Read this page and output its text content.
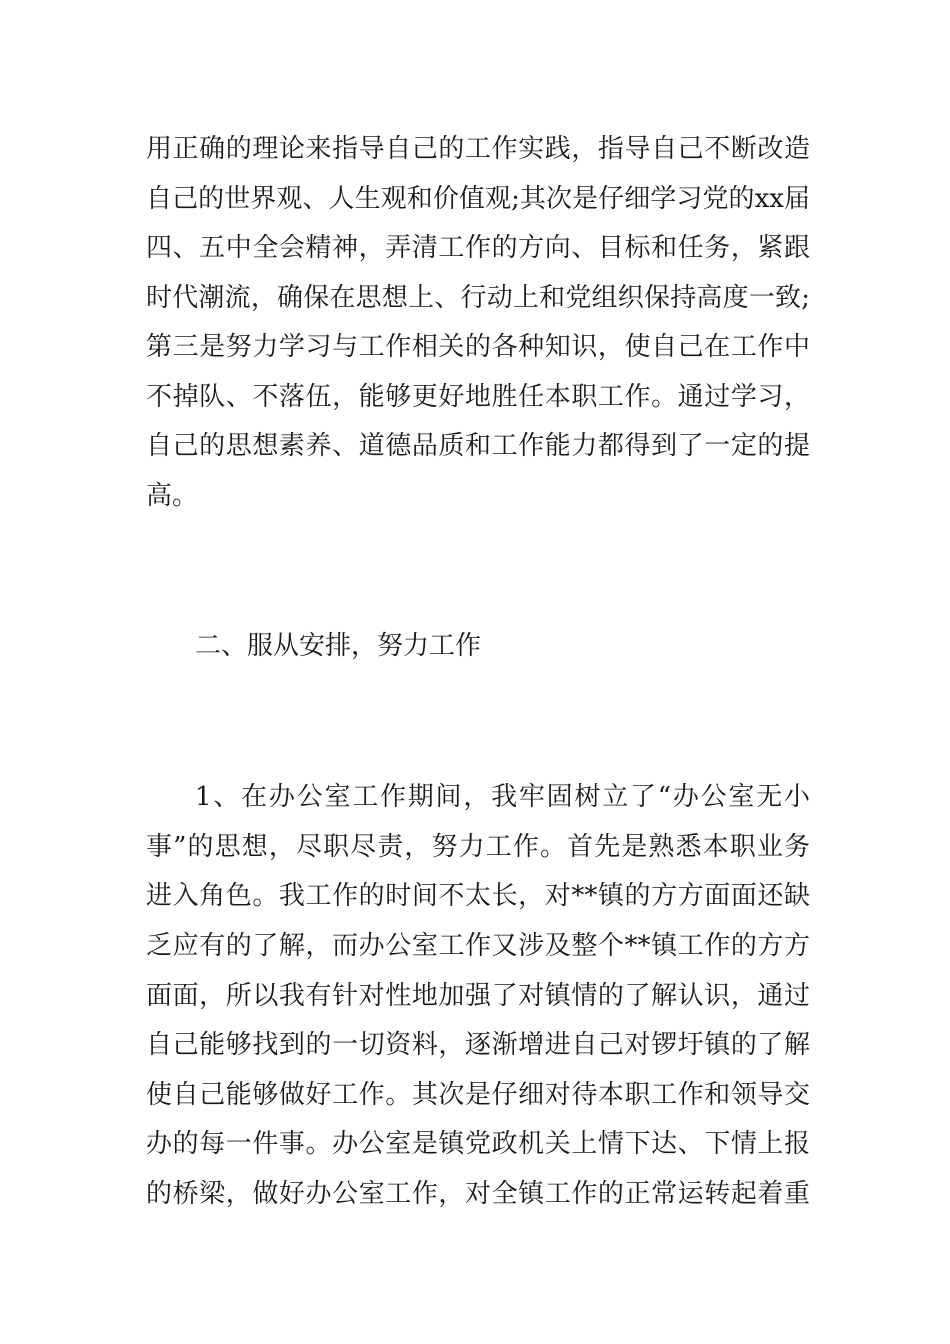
用正确的理论来指导自己的工作实践，指导自己不断改造
自己的世界观、人生观和价值观;其次是仔细学习党的xx届
四、五中全会精神，弄清工作的方向、目标和任务，紧跟
时代潮流，确保在思想上、行动上和党组织保持高度一致;
第三是努力学习与工作相关的各种知识，使自己在工作中
不掉队、不落伍，能够更好地胜任本职工作。通过学习，
自己的思想素养、道德品质和工作能力都得到了一定的提
高。
二、服从安排，努力工作
1、在办公室工作期间，我牢固树立了“办公室无小
事”的思想，尽职尽责，努力工作。首先是熟悉本职业务
进入角色。我工作的时间不太长，对**镇的方方面面还缺
乏应有的了解，而办公室工作又涉及整个**镇工作的方方
面面，所以我有针对性地加强了对镇情的了解认识，通过
自己能够找到的一切资料，逐渐增进自己对锣圩镇的了解
使自己能够做好工作。其次是仔细对待本职工作和领导交
办的每一件事。办公室是镇党政机关上情下达、下情上报
的桥梁，做好办公室工作，对全镇工作的正常运转起着重
